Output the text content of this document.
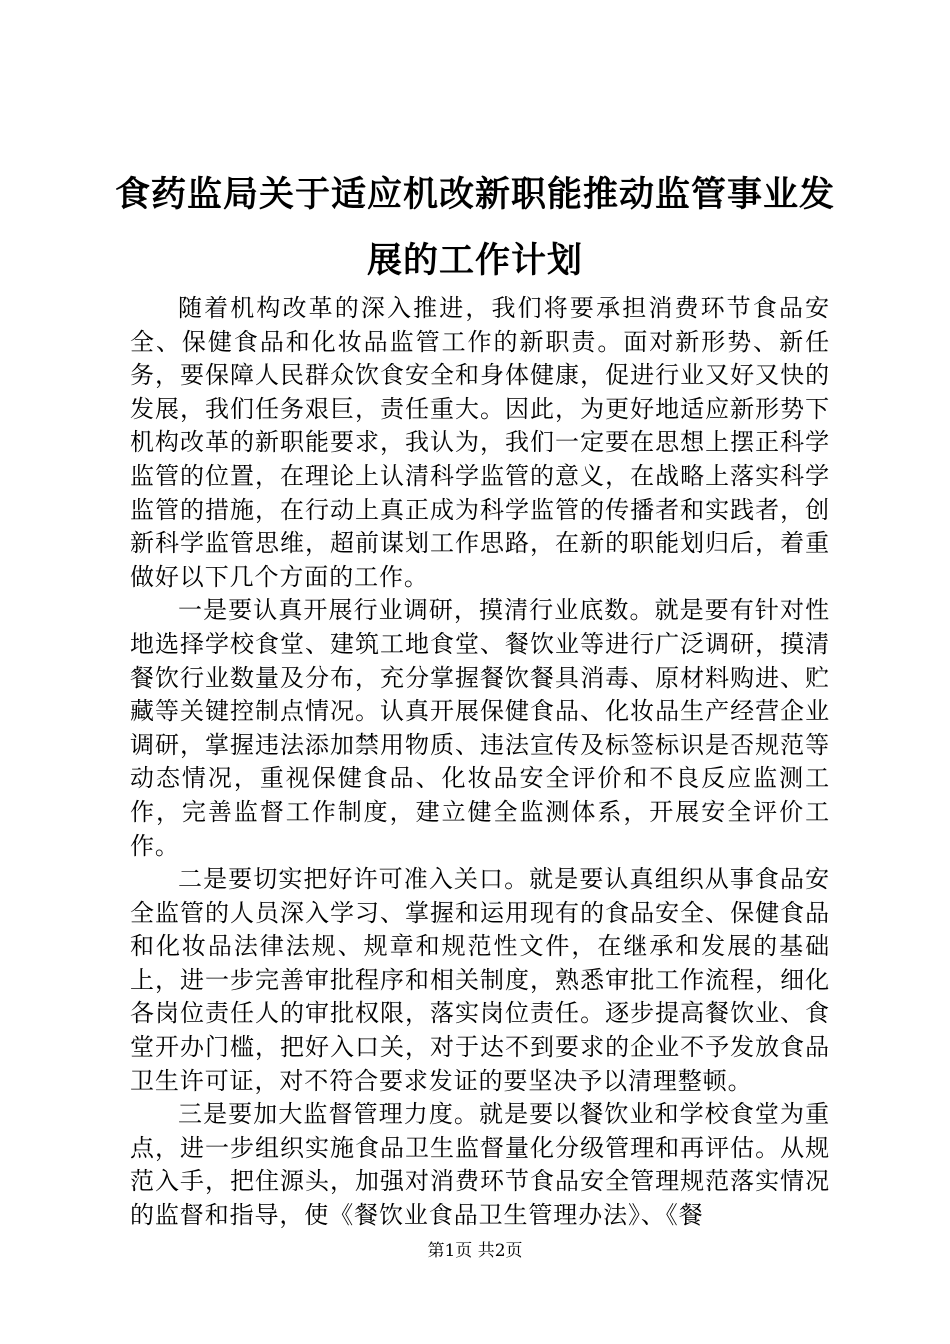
食药监局关于适应机改新职能推动监管事业发展的工作计划

随着机构改革的深入推进，我们将要承担消费环节食品安全、保健食品和化妆品监管工作的新职责。面对新形势、新任务，要保障人民群众饮食安全和身体健康，促进行业又好又快的发展，我们任务艰巨，责任重大。因此，为更好地适应新形势下机构改革的新职能要求，我认为，我们一定要在思想上摆正科学监管的位置，在理论上认清科学监管的意义，在战略上落实科学监管的措施，在行动上真正成为科学监管的传播者和实践者，创新科学监管思维，超前谋划工作思路，在新的职能划归后，着重做好以下几个方面的工作。

一是要认真开展行业调研，摸清行业底数。就是要有针对性地选择学校食堂、建筑工地食堂、餐饮业等进行广泛调研，摸清餐饮行业数量及分布，充分掌握餐饮餐具消毒、原材料购进、贮藏等关键控制点情况。认真开展保健食品、化妆品生产经营企业调研，掌握违法添加禁用物质、违法宣传及标签标识是否规范等动态情况，重视保健食品、化妆品安全评价和不良反应监测工作，完善监督工作制度，建立健全监测体系，开展安全评价工作。

二是要切实把好许可准入关口。就是要认真组织从事食品安全监管的人员深入学习、掌握和运用现有的食品安全、保健食品和化妆品法律法规、规章和规范性文件，在继承和发展的基础上，进一步完善审批程序和相关制度，熟悉审批工作流程，细化各岗位责任人的审批权限，落实岗位责任。逐步提高餐饮业、食堂开办门槛，把好入口关，对于达不到要求的企业不予发放食品卫生许可证，对不符合要求发证的要坚决予以清理整顿。

三是要加大监督管理力度。就是要以餐饮业和学校食堂为重点，进一步组织实施食品卫生监督量化分级管理和再评估。从规范入手，把住源头，加强对消费环节食品安全管理规范落实情况的监督和指导，使《餐饮业食品卫生管理办法》、《餐

第1页 共2页
